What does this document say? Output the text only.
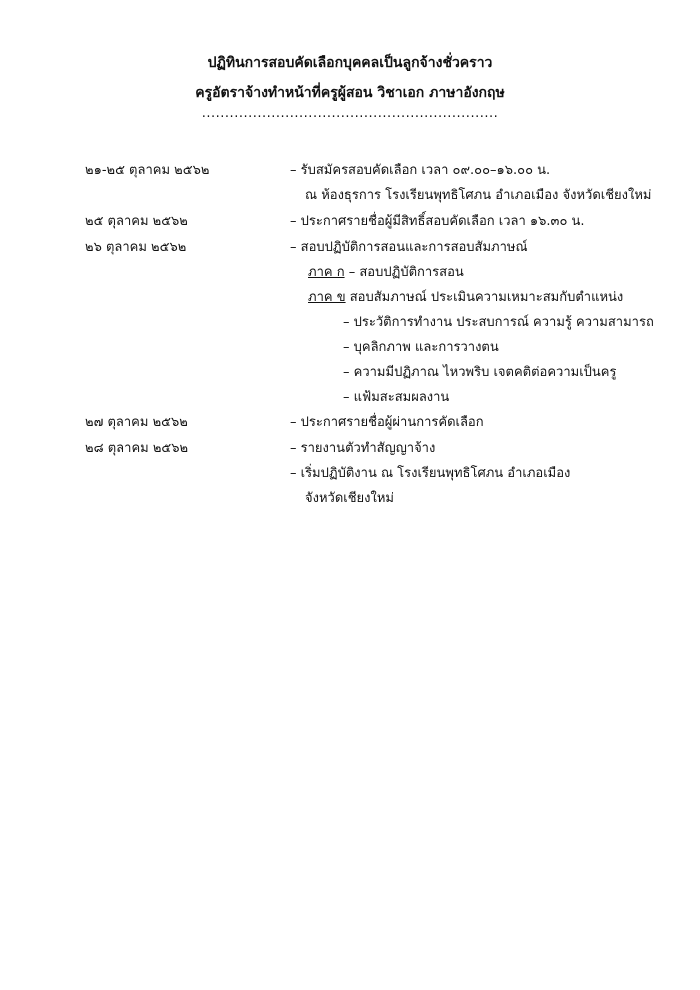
ปฏิทินการสอบคัดเลือกบุคคลเป็นลูกจ้างชั่วคราว
ครูอัตราจ้างทำหน้าที่ครูผู้สอน วิชาเอก ภาษาอังกฤษ
................................................................
๒๑-๒๕ ตุลาคม ๒๕๖๒	– รับสมัครสอบคัดเลือก เวลา ๐๙.๐๐–๑๖.๐๐ น.
ณ ห้องธุรการ โรงเรียนพุทธิโศภน อำเภอเมือง จังหวัดเชียงใหม่
๒๕ ตุลาคม ๒๕๖๒	– ประกาศรายชื่อผู้มีสิทธิ์สอบคัดเลือก เวลา ๑๖.๓๐ น.
๒๖ ตุลาคม ๒๕๖๒	– สอบปฏิบัติการสอนและการสอบสัมภาษณ์
ภาค ก – สอบปฏิบัติการสอน
ภาค ข สอบสัมภาษณ์ ประเมินความเหมาะสมกับตำแหน่ง
– ประวัติการทำงาน ประสบการณ์ ความรู้ ความสามารถ
– บุคลิกภาพ และการวางตน
– ความมีปฏิภาณ ไหวพริบ เจตคติต่อความเป็นครู
– แฟ้มสะสมผลงาน
๒๗ ตุลาคม ๒๕๖๒	– ประกาศรายชื่อผู้ผ่านการคัดเลือก
๒๘ ตุลาคม ๒๕๖๒	– รายงานตัวทำสัญญาจ้าง
– เริ่มปฏิบัติงาน ณ โรงเรียนพุทธิโศภน อำเภอเมือง
จังหวัดเชียงใหม่
